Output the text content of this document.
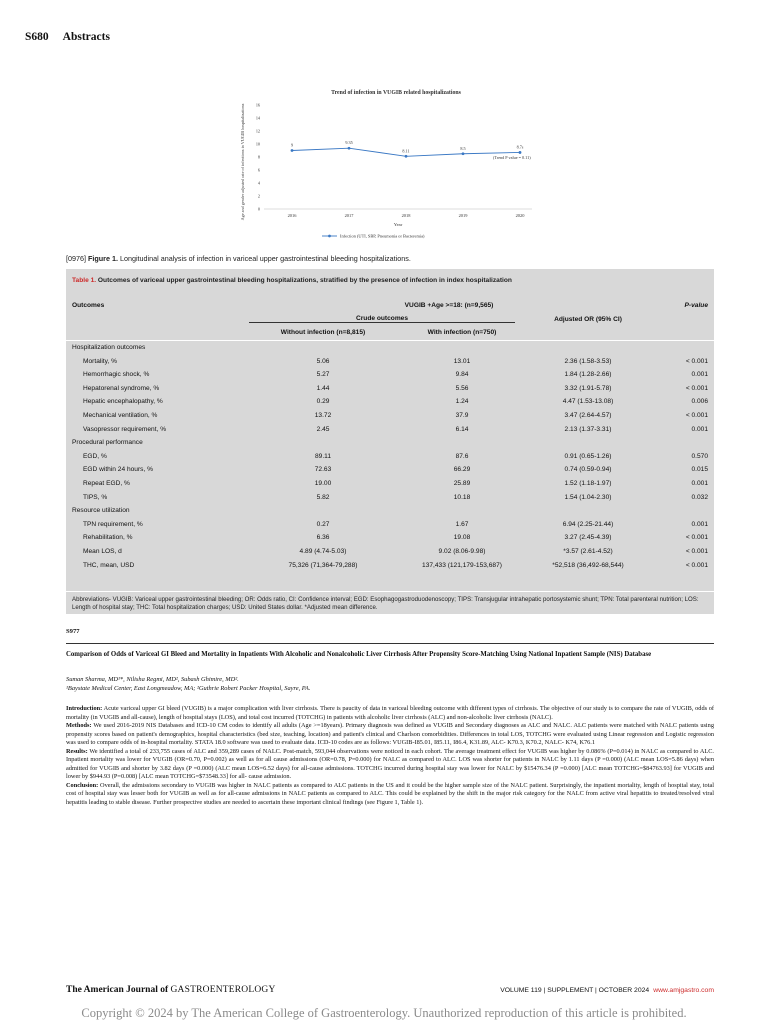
S680 Abstracts
Trend of infection in VUGIB related hospitalizations
Age and gender adjusted rate of infections in VUGIB hospitalizations	0
2
4
6
8
10
12
14
16
2016	2017	2018	2019	2020
Year
9	9.35
8.11
8.5	8.7s
(Trend P value = 0.11)
Infection (UTI, SBP, Pneumonia or Bacteremia)
[0976] Figure 1. Longitudinal analysis of infection in variceal upper gastrointestinal bleeding hospitalizations.
Table 1. Outcomes of variceal upper gastrointestinal bleeding hospitalizations, stratified by the presence of infection in index hospitalization
Outcomes	VUGIB +Age >=18: (n=9,565)			P-value

	Crude outcomes		Adjusted OR (95% CI)	
	Without infection (n=8,815)	With infection (n=750)		
Hospitalization outcomes				
Mortality, %	5.06	13.01	2.36 (1.58-3.53)	< 0.001
Hemorrhagic shock, %	5.27	9.84	1.84 (1.28-2.66)	0.001
Hepatorenal syndrome, %	1.44	5.56	3.32 (1.91-5.78)	< 0.001
Hepatic encephalopathy, %	0.29	1.24	4.47 (1.53-13.08)	0.006
Mechanical ventilation, %	13.72	37.9	3.47 (2.64-4.57)	< 0.001
Vasopressor requirement, %	2.45	6.14	2.13 (1.37-3.31)	0.001
Procedural performance				
EGD, %	89.11	87.6	0.91 (0.65-1.26)	0.570
EGD within 24 hours, %	72.63	66.29	0.74 (0.59-0.94)	0.015
Repeat EGD, %	19.00	25.89	1.52 (1.18-1.97)	0.001
TIPS, %	5.82	10.18	1.54 (1.04-2.30)	0.032
Resource utilization				
TPN requirement, %	0.27	1.67	6.94 (2.25-21.44)	0.001
Rehabilitation, %	6.36	19.08	3.27 (2.45-4.39)	< 0.001
Mean LOS, d	4.89 (4.74-5.03)	9.02 (8.06-9.98)	*3.57 (2.61-4.52)	< 0.001
THC, mean, USD	75,326 (71,364-79,288)	137,433 (121,179-153,687)	*52,518 (36,492-68,544)	< 0.001
Abbreviations- VUGIB: Variceal upper gastrointestinal bleeding; OR: Odds ratio, CI: Confidence interval; EGD: Esophagogastroduodenoscopy; TIPS: Transjugular intrahepatic portosystemic shunt; TPN: Total parenteral nutrition; LOS: Length of hospital stay; THC: Total hospitalization charges; USD: United States dollar. *Adjusted mean difference.
S977
Comparison of Odds of Variceal GI Bleed and Mortality in Inpatients With Alcoholic and Nonalcoholic Liver Cirrhosis After Propensity Score-Matching Using National Inpatient Sample (NIS) Database
Suman Sharma, MD¹*, Nilisha Regmi, MD², Subash Ghimire, MD².
¹Baystate Medical Center, East Longmeadow, MA; ²Guthrie Robert Packer Hospital, Sayre, PA.

Introduction: Acute variceal upper GI bleed (VUGIB) is a major complication with liver cirrhosis. There is paucity of data in variceal bleeding outcome with different types of cirrhosis. The objective of our study is to compare the rate of VUGIB, odds of mortality (in VUGIB and all-cause), length of hospital stays (LOS), and total cost incurred (TOTCHG) in patients with alcoholic liver cirrhosis (ALC) and non-alcoholic liver cirrhosis (NALC).

Methods: We used 2016-2019 NIS Databases and ICD-10 CM codes to identify all adults (Age >=18years). Primary diagnosis was defined as VUGIB and Secondary diagnoses as ALC and NALC. ALC patients were matched with NALC patients using propensity scores based on patient's demographics, hospital characteristics (bed size, teaching, location) and patient's clinical and Charlson comorbidities. Differences in total LOS, TOTCHG were evaluated using Linear regression and Logistic regression was used to compare odds of in-hospital mortality. STATA 18.0 software was used to evaluate data. ICD-10 codes are as follows: VUGIB-I85.01, I85.11, I86.4, K31.89, ALC- K70.3, K70.2, NALC- K74, K76.1

Results: We identified a total of 233,755 cases of ALC and 359,289 cases of NALC. Post-match, 593,044 observations were noticed in each cohort. The average treatment effect for VUGIB was higher by 0.086% (P=0.014) in NALC as compared to ALC. Inpatient mortality was lower for VUGIB (OR=0.70, P=0.002) as well as for all cause admissions (OR=0.78, P=0.000) for NALC as compared to ALC. LOS was shorter for patients in NALC by 1.11 days (P =0.000) (ALC mean LOS=5.86 days) when admitted for VUGIB and shorter by 3.82 days (P =0.000) (ALC mean LOS=6.52 days) for all-cause admissions. TOTCHG incurred during hospital stay was lower for NALC by $15476.34 (P =0.000) [ALC mean TOTCHG=$84763.93] for VUGIB and lower by $944.93 (P=0.008) [ALC mean TOTCHG=$73548.33] for all- cause admission.

Conclusion: Overall, the admissions secondary to VUGIB was higher in NALC patients as compared to ALC patients in the US and it could be the higher sample size of the NALC patient. Surprisingly, the inpatient mortality, length of hospital stay, total cost of hospital stay was lesser both for VUGIB as well as for all-cause admissions in NALC patients as compared to ALC. This could be explained by the shift in the major risk category for the NALC from active viral hepatitis to treated/resolved viral hepatitis leading to stable disease. Further prospective studies are needed to ascertain these important clinical findings (see Figure 1, Table 1).

The American Journal of GASTROENTEROLOGY	VOLUME 119 | SUPPLEMENT | OCTOBER 2024 www.amjgastro.com
Copyright © 2024 by The American College of Gastroenterology. Unauthorized reproduction of this article is prohibited.
